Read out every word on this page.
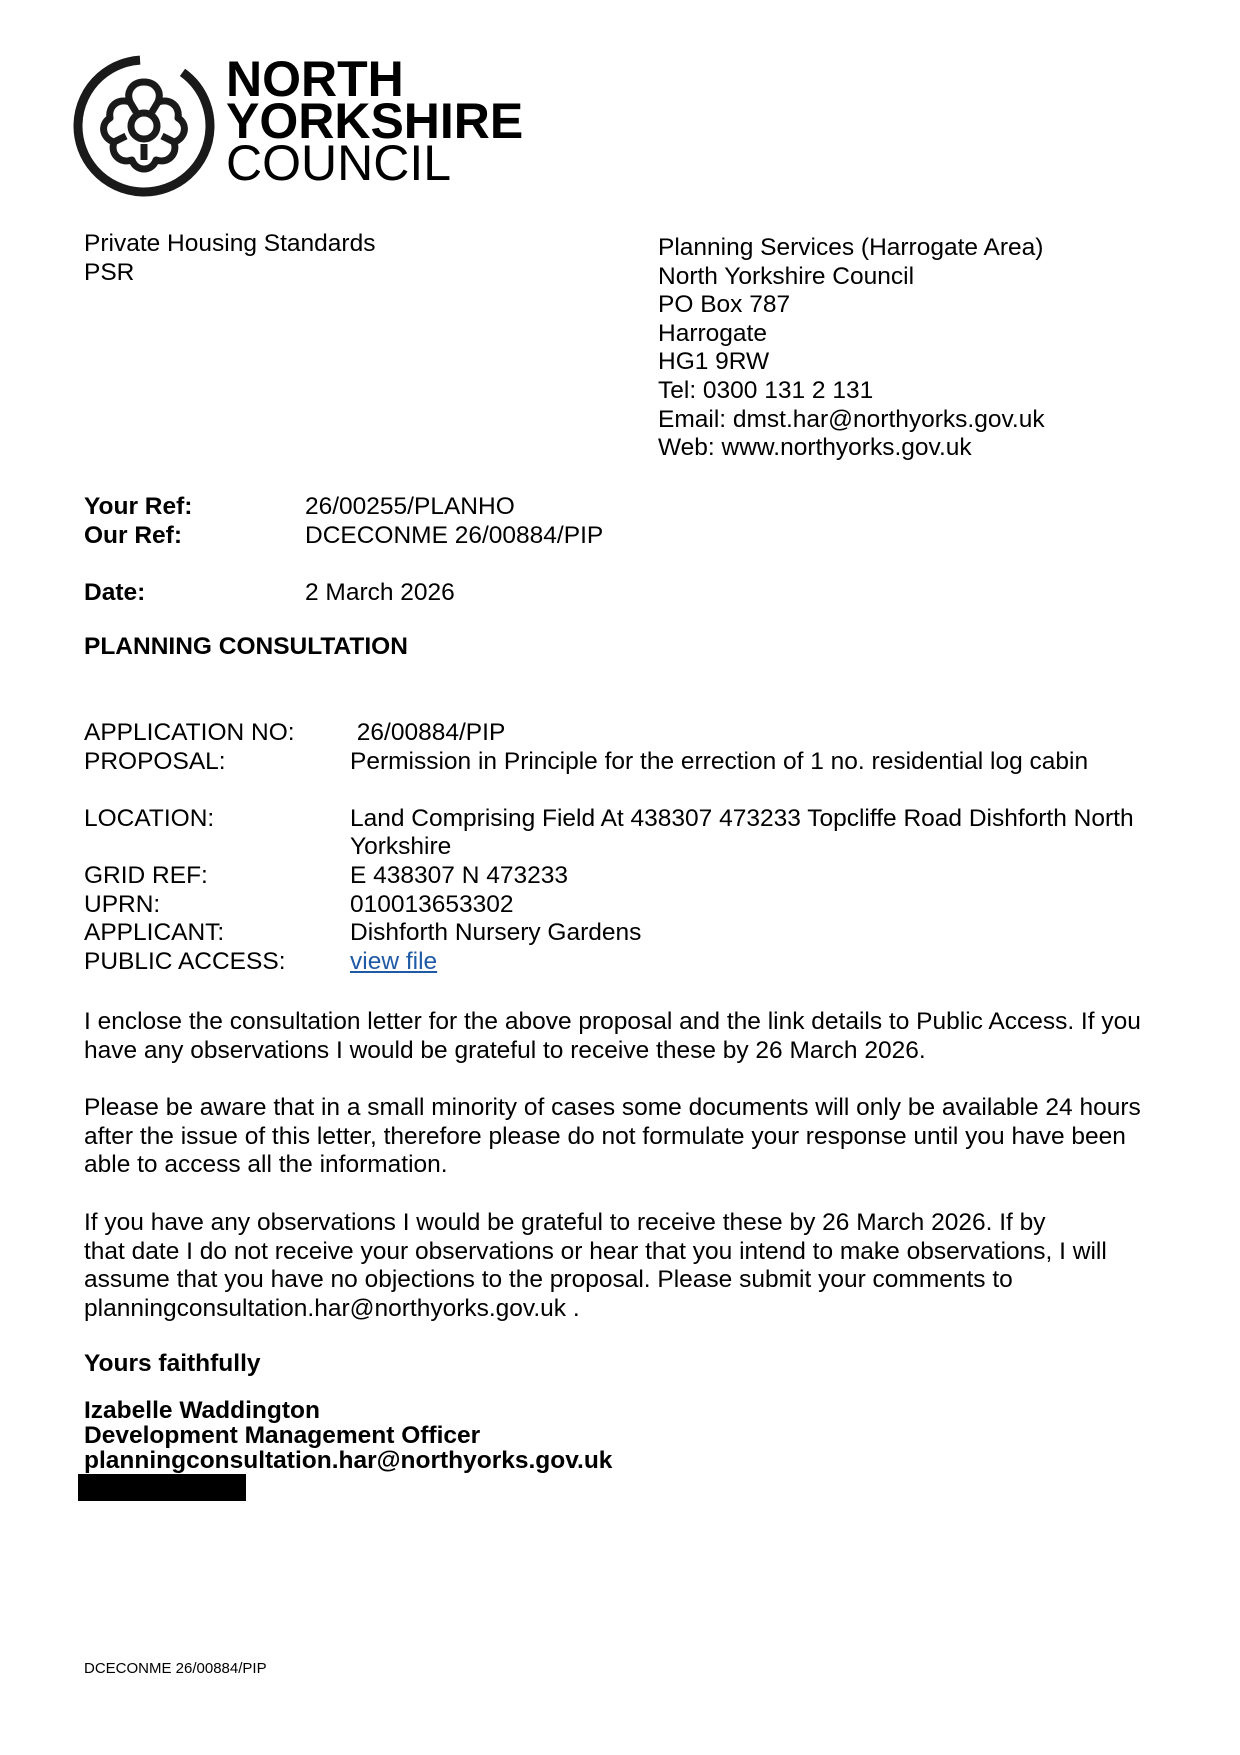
NORTH
YORKSHIRE
COUNCIL
Private Housing Standards
PSR
Planning Services (Harrogate Area)
North Yorkshire Council
PO Box 787
Harrogate
HG1 9RW
Tel: 0300 131 2 131
Email: dmst.har@northyorks.gov.uk
Web: www.northyorks.gov.uk
Your Ref:	26/00255/PLANHO
Our Ref:	DCECONME 26/00884/PIP
Date:	2 March 2026
PLANNING CONSULTATION
APPLICATION NO:	26/00884/PIP
PROPOSAL:	Permission in Principle for the errection of 1 no. residential log cabin
LOCATION:	Land Comprising Field At 438307 473233 Topcliffe Road Dishforth North Yorkshire
GRID REF:	E 438307 N 473233
UPRN:	010013653302
APPLICANT:	Dishforth Nursery Gardens
PUBLIC ACCESS:	view file
I enclose the consultation letter for the above proposal and the link details to Public Access. If you have any observations I would be grateful to receive these by 26 March 2026.
Please be aware that in a small minority of cases some documents will only be available 24 hours after the issue of this letter, therefore please do not formulate your response until you have been able to access all the information.
If you have any observations I would be grateful to receive these by 26 March 2026. If by
that date I do not receive your observations or hear that you intend to make observations, I will assume that you have no objections to the proposal. Please submit your comments to planningconsultation.har@northyorks.gov.uk .
Yours faithfully
Izabelle Waddington
Development Management Officer
planningconsultation.har@northyorks.gov.uk
DCECONME 26/00884/PIP
